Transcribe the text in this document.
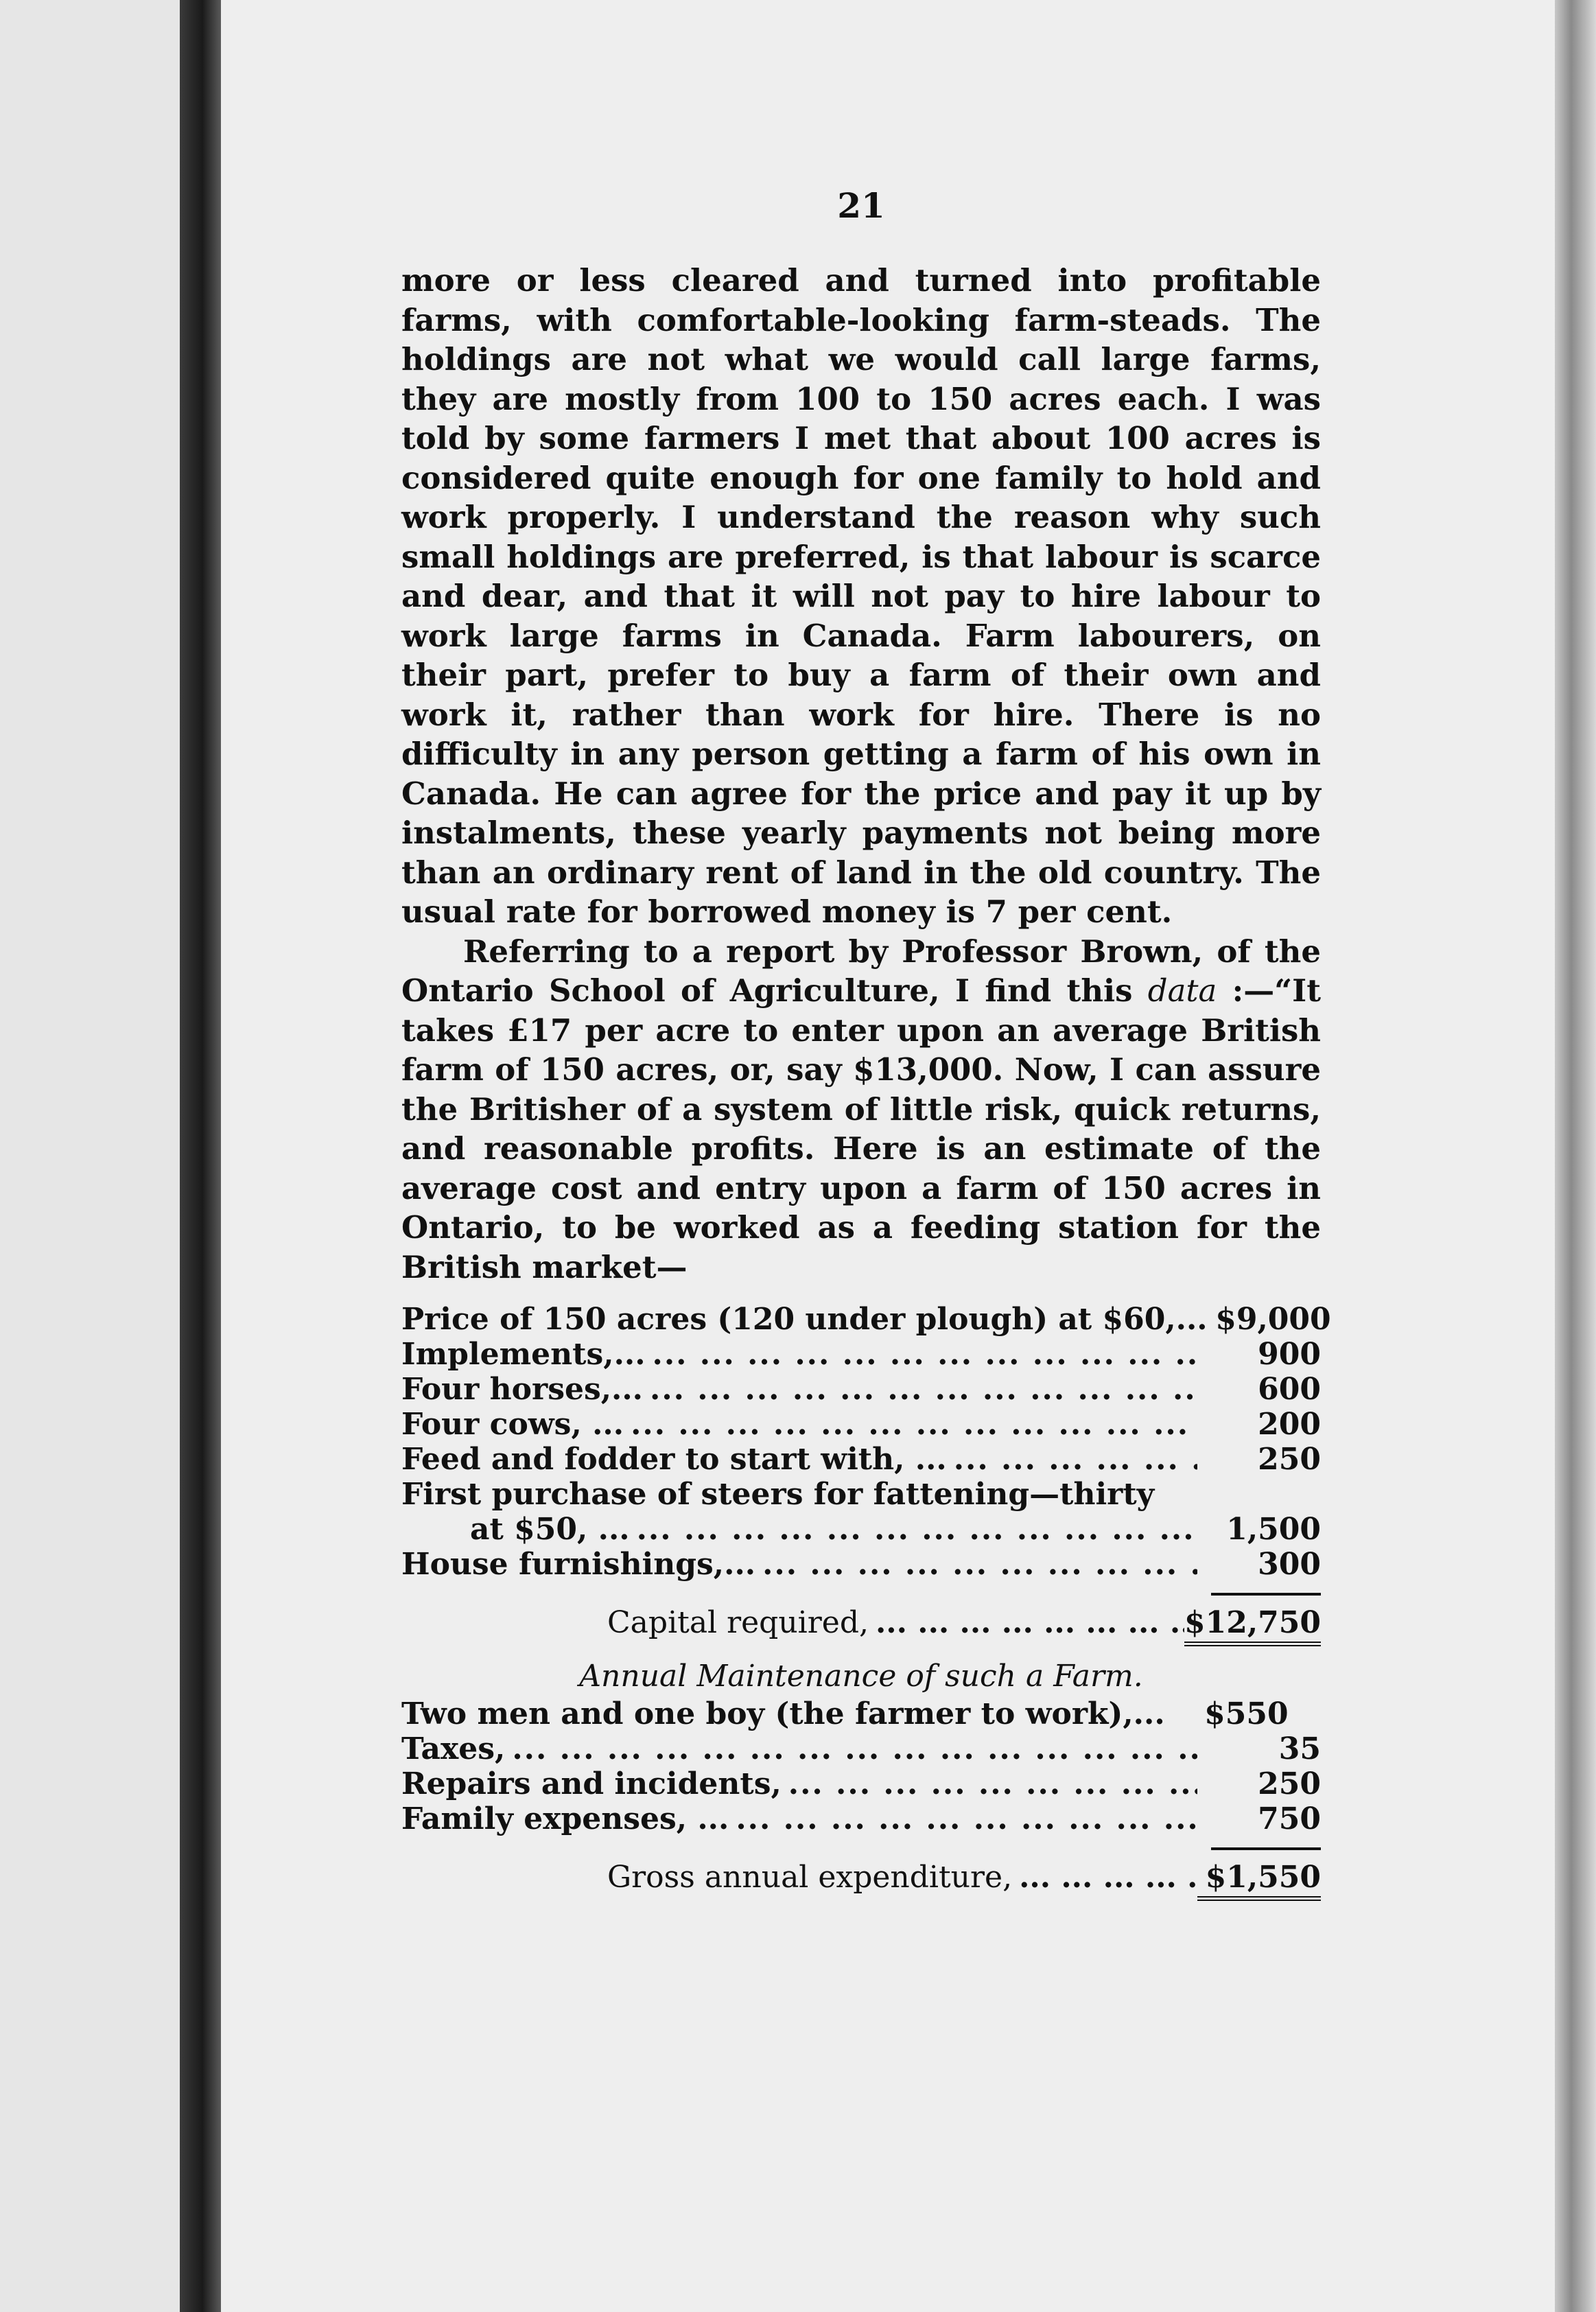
21

more or less cleared and turned into profitable farms, with comfortable-looking farm-steads. The holdings are not what we would call large farms, they are mostly from 100 to 150 acres each. I was told by some farmers I met that about 100 acres is considered quite enough for one family to hold and work properly. I understand the reason why such small holdings are preferred, is that labour is scarce and dear, and that it will not pay to hire labour to work large farms in Canada. Farm labourers, on their part, prefer to buy a farm of their own and work it, rather than work for hire. There is no difficulty in any person getting a farm of his own in Canada. He can agree for the price and pay it up by instalments, these yearly payments not being more than an ordinary rent of land in the old country. The usual rate for borrowed money is 7 per cent.

Referring to a report by Professor Brown, of the Ontario School of Agriculture, I find this data :—“It takes £17 per acre to enter upon an average British farm of 150 acres, or, say $13,000. Now, I can assure the Britisher of a system of little risk, quick returns, and reasonable profits. Here is an estimate of the average cost and entry upon a farm of 150 acres in Ontario, to be worked as a feeding station for the British market—

Price of 150 acres (120 under plough) at $60,... $9,000
Implements,... ... .	900
Four horses,... ... .	600
Four cows, ... ... .	200
Feed and fodder to start with, ... ... .	250
First purchase of steers for fattening—thirty
at $50, ... ... .	1,500
House furnishings,... ... .	300
Capital required, ... .	$12,750
Annual Maintenance of such a Farm.
Two men and one boy (the farmer to work),...	$550
Taxes, ... .	35
Repairs and incidents, ... .	250
Family expenses, ... ... .	750
Gross annual expenditure, ... .	$1,550
